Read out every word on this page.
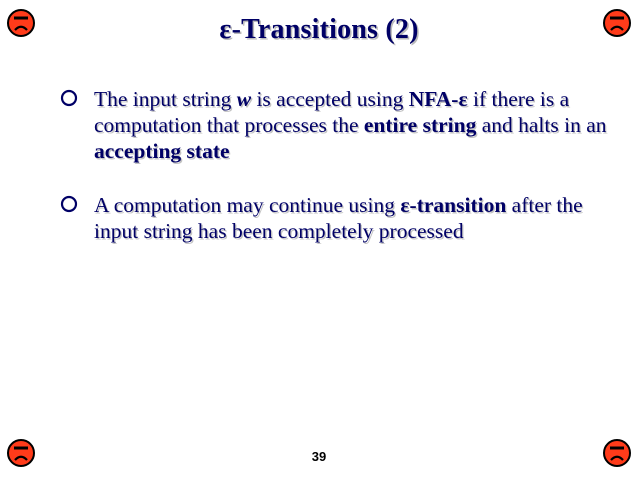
ε-Transitions (2)
The input string w is accepted using NFA-ε if there is a computation that processes the entire string and halts in an accepting state
A computation may continue using ε-transition after the input string has been completely processed
39
